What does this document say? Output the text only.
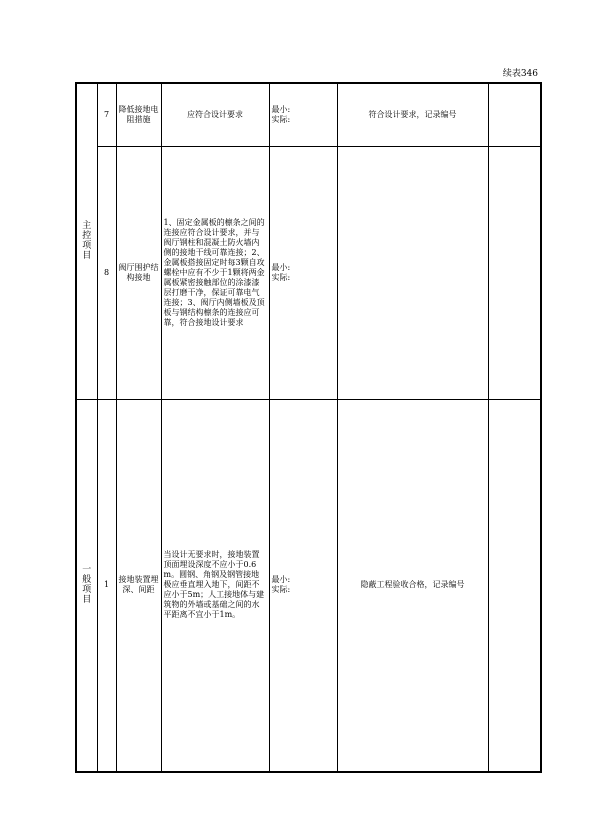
续表346
主控项目	7	降低接地电阻措施	应符合设计要求	最小:
实际:	符合设计要求，记录编号	
	8	阀厅围护结构接地	1、固定金属板的檩条之间的连接应符合设计要求，并与阀厅钢柱和混凝土防火墙内侧的接地干线可靠连接；2、金属板搭接固定时每3颗自攻螺栓中应有不少于1颗将两金属板紧密接触部位的涂漆漆层打磨干净，保证可靠电气连接；3、阀厅内侧墙板及顶板与钢结构檩条的连接应可靠，符合接地设计要求	最小:
实际:		

一般项目	1	接地装置埋深、间距	当设计无要求时，接地装置顶面埋设深度不应小于0.6m。圆钢、角钢及钢管接地极应垂直埋入地下，间距不应小于5m；人工接地体与建筑物的外墙或基础之间的水平距离不宜小于1m。	最小:
实际:	隐蔽工程验收合格，记录编号	
